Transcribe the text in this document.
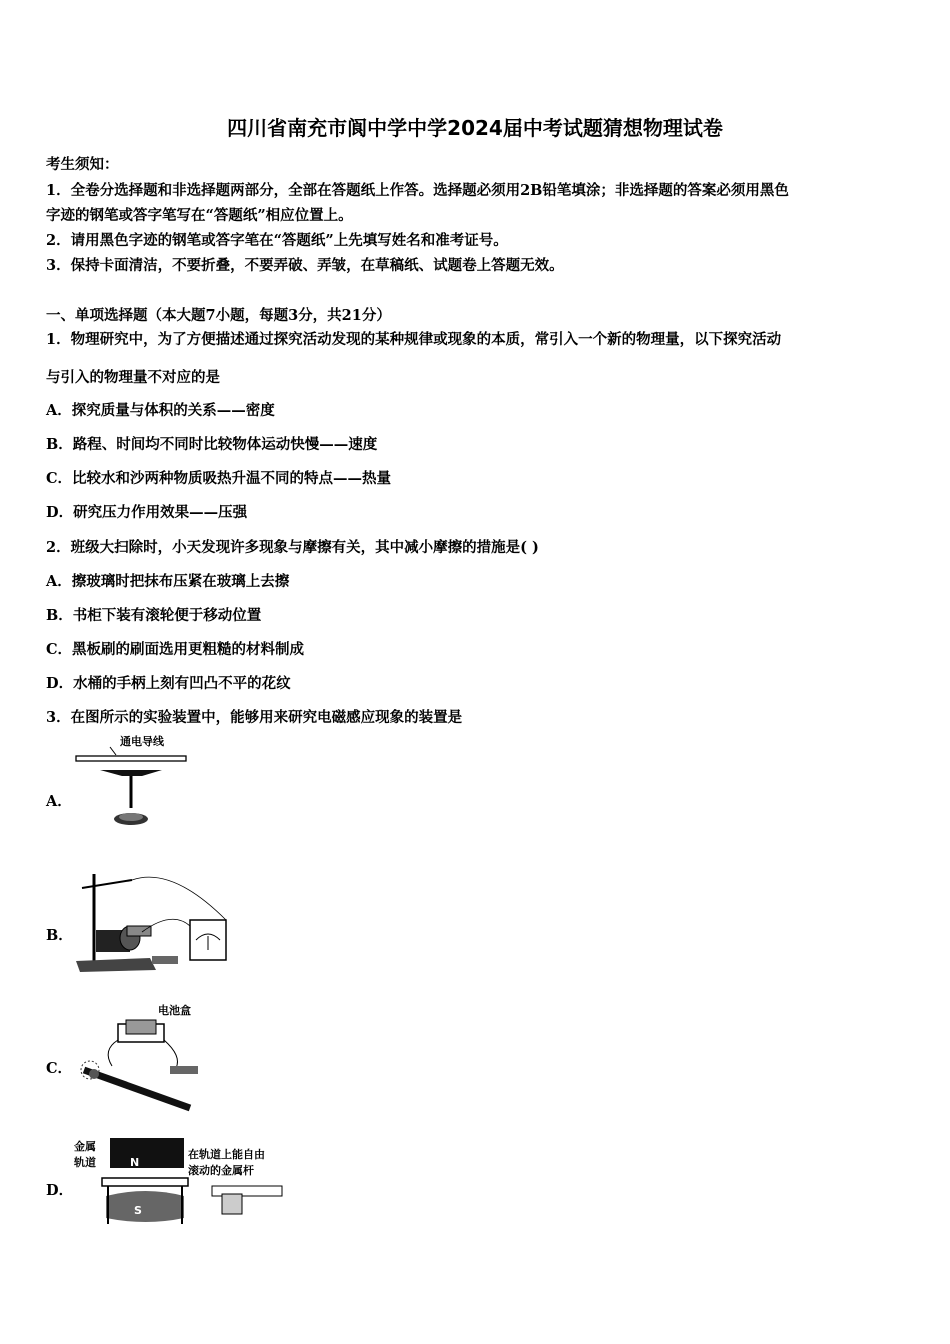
四川省南充市阆中学中学2024届中考试题猜想物理试卷
考生须知：
1．全卷分选择题和非选择题两部分，全部在答题纸上作答。选择题必须用2B铅笔填涂；非选择题的答案必须用黑色
字迹的钢笔或答字笔写在“答题纸”相应位置上。
2．请用黑色字迹的钢笔或答字笔在“答题纸”上先填写姓名和准考证号。
3．保持卡面清洁，不要折叠，不要弄破、弄皱，在草稿纸、试题卷上答题无效。
一、单项选择题（本大题7小题，每题3分，共21分）
1．物理研究中，为了方便描述通过探究活动发现的某种规律或现象的本质，常引入一个新的物理量，以下探究活动
与引入的物理量不对应的是
A．探究质量与体积的关系——密度
B．路程、时间均不同时比较物体运动快慢——速度
C．比较水和沙两种物质吸热升温不同的特点——热量
D．研究压力作用效果——压强
2．班级大扫除时，小天发现许多现象与摩擦有关，其中减小摩擦的措施是( )
A．擦玻璃时把抹布压紧在玻璃上去擦
B．书柜下装有滚轮便于移动位置
C．黑板刷的刷面选用更粗糙的材料制成
D．水桶的手柄上刻有凹凸不平的花纹
3．在图所示的实验装置中，能够用来研究电磁感应现象的装置是
A．
B．
C．
D．
通电导线
电池盒
金属
轨道
在轨道上能自由
滚动的金属杆
N
S
